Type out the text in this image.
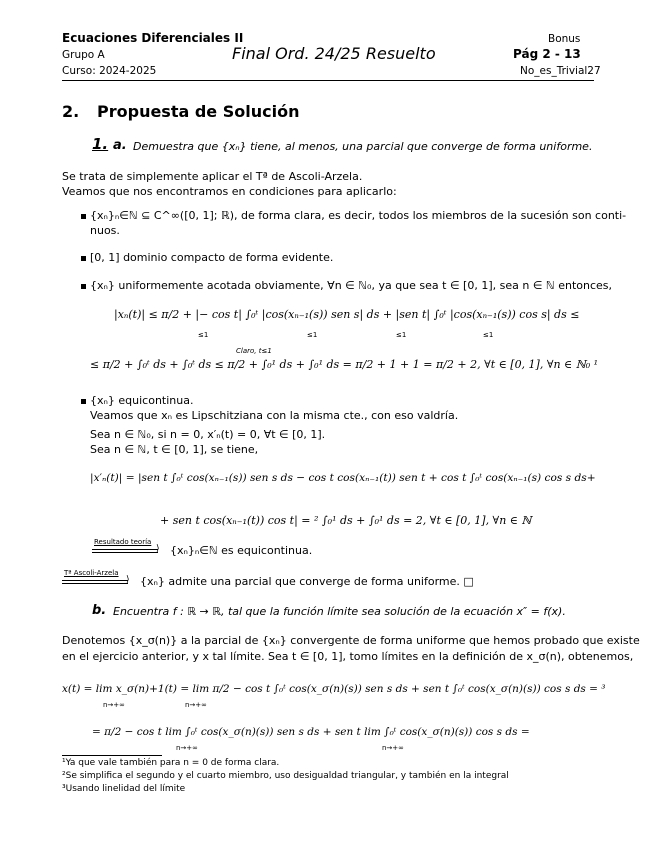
Ecuaciones Diferenciales II
Grupo A
Curso: 2024-2025
Final Ord. 24/25 Resuelto
Bonus
Pág 2 - 13
No_es_Trivial27
2. Propuesta de Solución
1. a. Demuestra que {xₙ} tiene, al menos, una parcial que converge de forma uniforme.
Se trata de simplemente aplicar el Tª de Ascoli-Arzela.
Veamos que nos encontramos en condiciones para aplicarlo:
{xₙ}ₙ∈ℕ ⊆ C^∞([0, 1]; ℝ), de forma clara, es decir, todos los miembros de la sucesión son conti-
nuos.
[0, 1] dominio compacto de forma evidente.
{xₙ} uniformemente acotada obviamente, ∀n ∈ ℕ₀, ya que sea t ∈ [0, 1], sea n ∈ ℕ entonces,
|xₙ(t)| ≤ π/2 + |− cos t| ∫₀ᵗ |cos(xₙ₋₁(s)) sen s| ds + |sen t| ∫₀ᵗ |cos(xₙ₋₁(s)) cos s| ds ≤
≤1	≤1	≤1	≤1
≤ π/2 + ∫₀ᵗ ds + ∫₀ᵗ ds ≤ π/2 + ∫₀¹ ds + ∫₀¹ ds = π/2 + 1 + 1 = π/2 + 2, ∀t ∈ [0, 1], ∀n ∈ ℕ₀ ¹
Claro, t≤1
{xₙ} equicontinua.
Veamos que xₙ es Lipschitziana con la misma cte., con eso valdría.
Sea n ∈ ℕ₀, si n = 0, x′ₙ(t) = 0, ∀t ∈ [0, 1].
Sea n ∈ ℕ, t ∈ [0, 1], se tiene,
|x′ₙ(t)| = |sen t ∫₀ᵗ cos(xₙ₋₁(s)) sen s ds − cos t cos(xₙ₋₁(t)) sen t + cos t ∫₀ᵗ cos(xₙ₋₁(s) cos s ds+
+ sen t cos(xₙ₋₁(t)) cos t| = ² ∫₀¹ ds + ∫₀¹ ds = 2, ∀t ∈ [0, 1], ∀n ∈ ℕ
Resultado teoría
⟩ {xₙ}ₙ∈ℕ es equicontinua.
Tª Ascoli-Arzela
⟩ {xₙ} admite una parcial que converge de forma uniforme. □
b. Encuentra f : ℝ → ℝ, tal que la función límite sea solución de la ecuación x″ = f(x).
Denotemos {x_σ(n)} a la parcial de {xₙ} convergente de forma uniforme que hemos probado que existe
en el ejercicio anterior, y x tal límite. Sea t ∈ [0, 1], tomo límites en la definición de x_σ(n), obtenemos,
x(t) = lim x_σ(n)+1(t) = lim π/2 − cos t ∫₀ᵗ cos(x_σ(n)(s)) sen s ds + sen t ∫₀ᵗ cos(x_σ(n)(s)) cos s ds = ³
n→+∞	n→+∞
= π/2 − cos t lim ∫₀ᵗ cos(x_σ(n)(s)) sen s ds + sen t lim ∫₀ᵗ cos(x_σ(n)(s)) cos s ds =
n→+∞	n→+∞
¹Ya que vale también para n = 0 de forma clara.
²Se simplifica el segundo y el cuarto miembro, uso desigualdad triangular, y también en la integral
³Usando linelidad del límite
